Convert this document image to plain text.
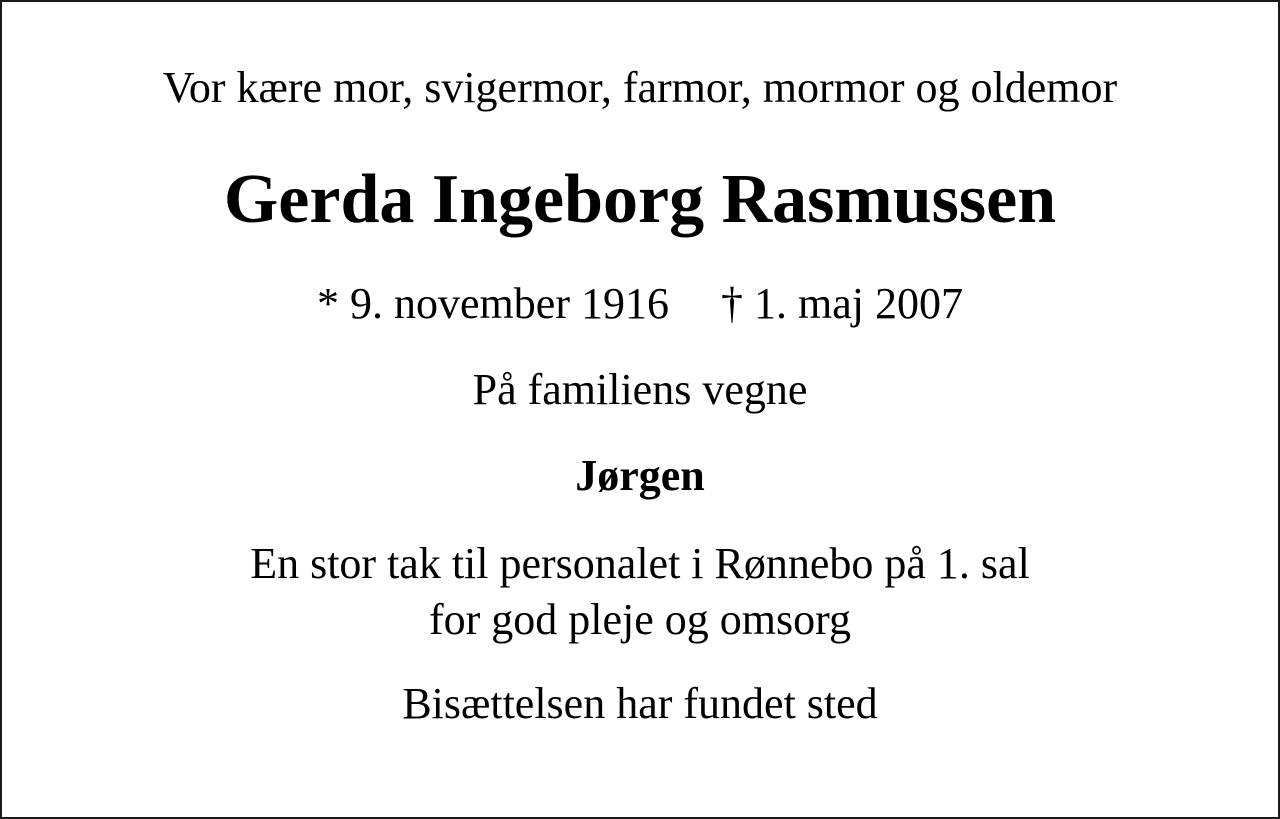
Vor kære mor, svigermor, farmor, mormor og oldemor

Gerda Ingeborg Rasmussen

* 9. november 1916 † 1. maj 2007

På familiens vegne

Jørgen

En stor tak til personalet i Rønnebo på 1. sal

for god pleje og omsorg

Bisættelsen har fundet sted
